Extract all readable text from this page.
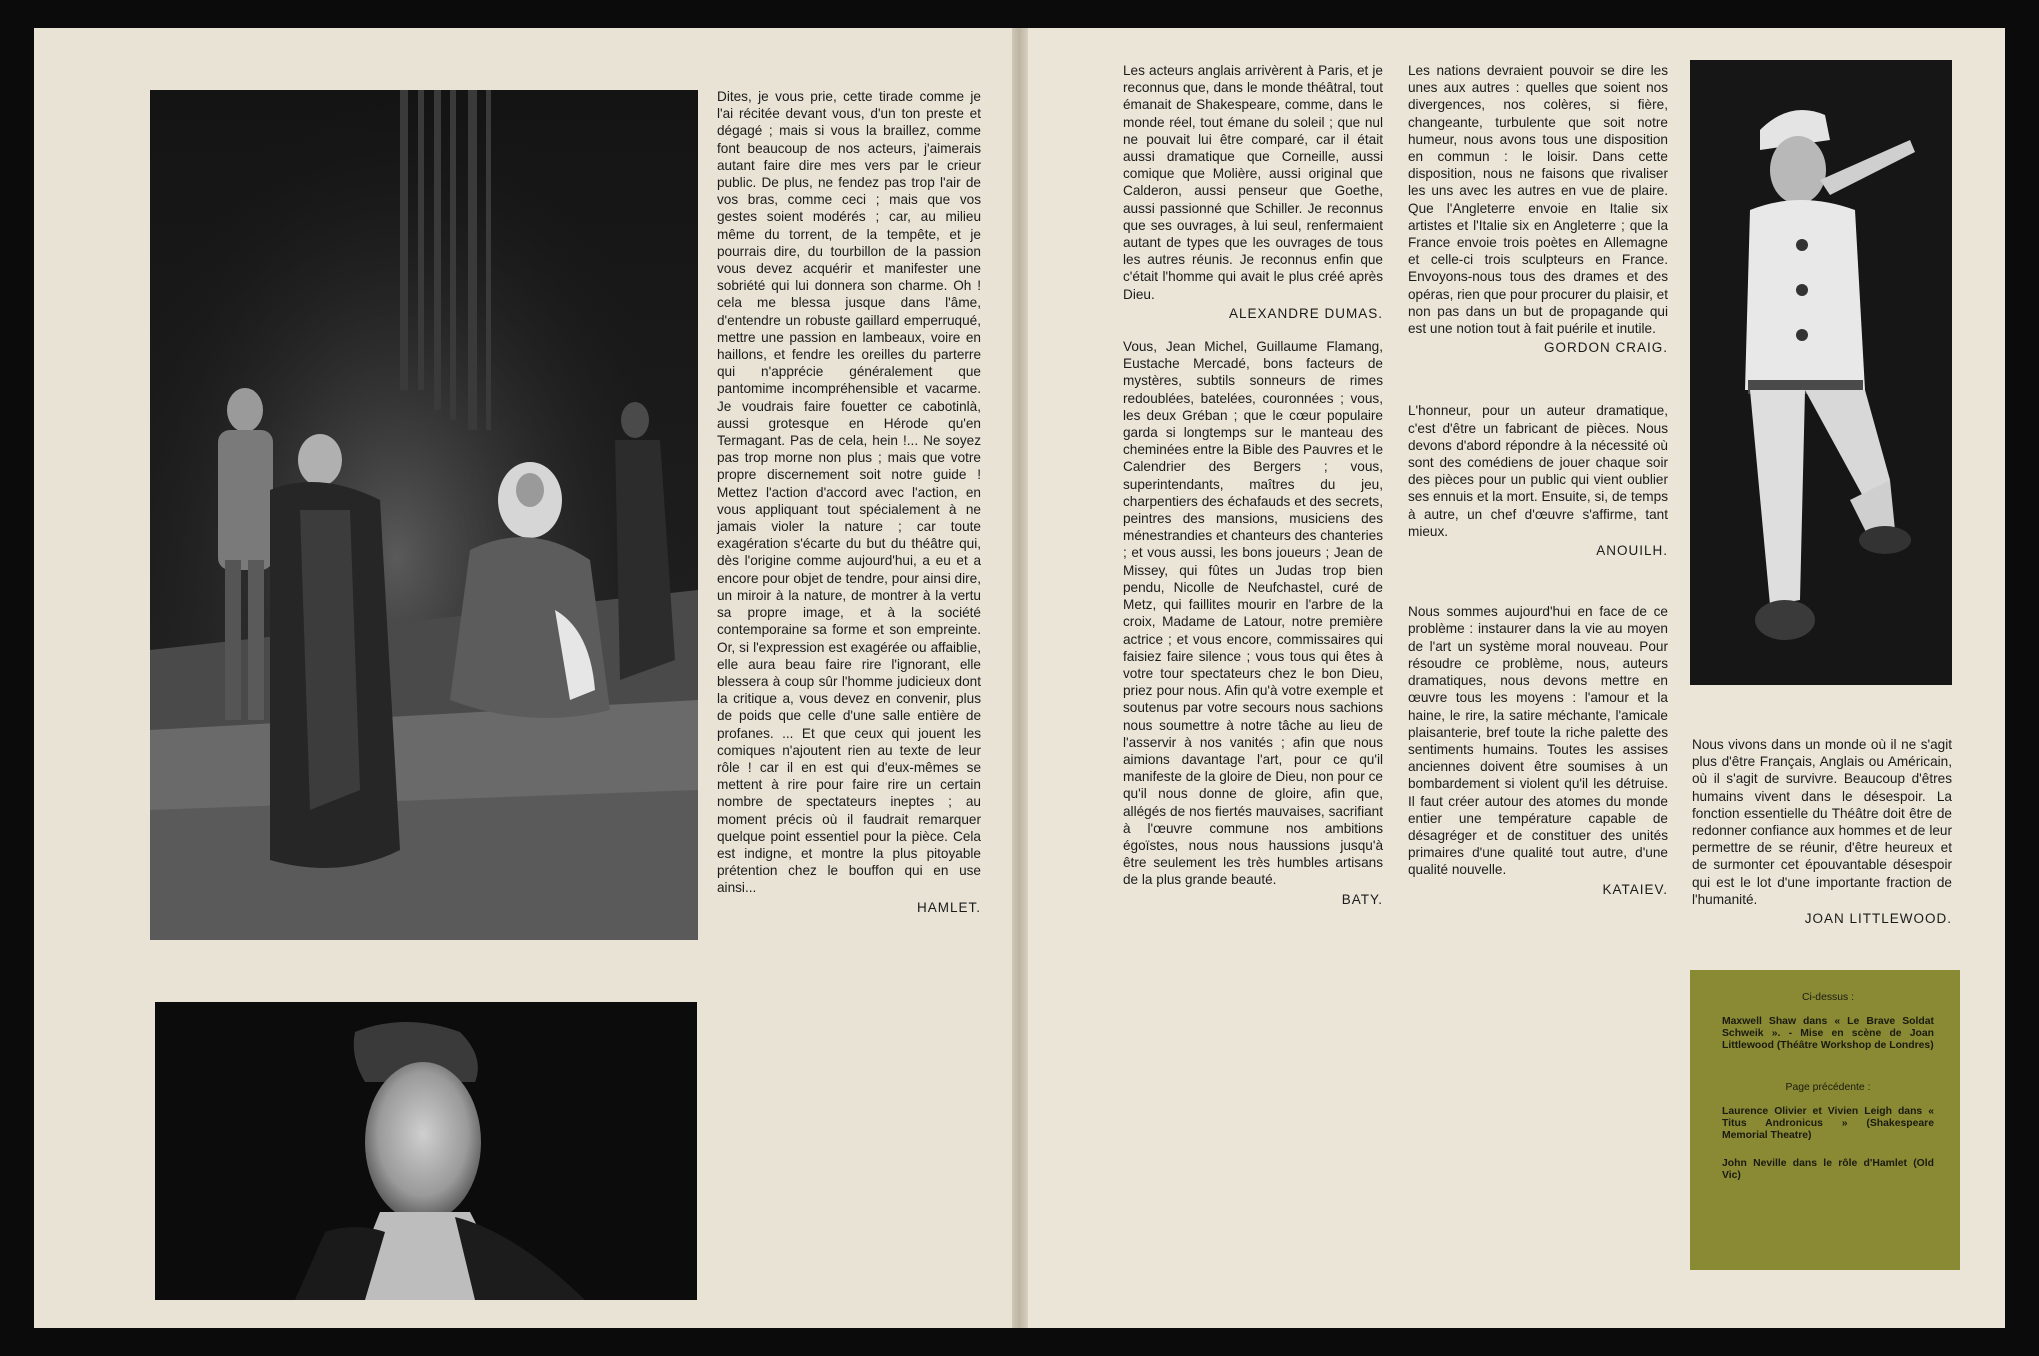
Dites, je vous prie, cette tirade comme je l'ai récitée devant vous, d'un ton preste et dégagé ; mais si vous la braillez, comme font beaucoup de nos acteurs, j'aimerais autant faire dire mes vers par le crieur public. De plus, ne fendez pas trop l'air de vos bras, comme ceci ; mais que vos gestes soient modérés ; car, au milieu même du torrent, de la tempête, et je pourrais dire, du tourbillon de la passion vous devez acquérir et manifester une sobriété qui lui donnera son charme. Oh ! cela me blessa jusque dans l'âme, d'entendre un robuste gaillard emperruqué, mettre une passion en lambeaux, voire en haillons, et fendre les oreilles du parterre qui n'apprécie généralement que pantomime incompréhensible et vacarme. Je voudrais faire fouetter ce cabotinlà, aussi grotesque en Hérode qu'en Termagant. Pas de cela, hein !... Ne soyez pas trop morne non plus ; mais que votre propre discernement soit notre guide ! Mettez l'action d'accord avec l'action, en vous appliquant tout spécialement à ne jamais violer la nature ; car toute exagération s'écarte du but du théâtre qui, dès l'origine comme aujourd'hui, a eu et a encore pour objet de tendre, pour ainsi dire, un miroir à la nature, de montrer à la vertu sa propre image, et à la société contemporaine sa forme et son empreinte. Or, si l'expression est exagérée ou affaiblie, elle aura beau faire rire l'ignorant, elle blessera à coup sûr l'homme judicieux dont la critique a, vous devez en convenir, plus de poids que celle d'une salle entière de profanes. ... Et que ceux qui jouent les comiques n'ajoutent rien au texte de leur rôle ! car il en est qui d'eux-mêmes se mettent à rire pour faire rire un certain nombre de spectateurs ineptes ; au moment précis où il faudrait remarquer quelque point essentiel pour la pièce. Cela est indigne, et montre la plus pitoyable prétention chez le bouffon qui en use ainsi...

HAMLET.

Les acteurs anglais arrivèrent à Paris, et je reconnus que, dans le monde théâtral, tout émanait de Shakespeare, comme, dans le monde réel, tout émane du soleil ; que nul ne pouvait lui être comparé, car il était aussi dramatique que Corneille, aussi comique que Molière, aussi original que Calderon, aussi penseur que Goethe, aussi passionné que Schiller. Je reconnus que ses ouvrages, à lui seul, renfermaient autant de types que les ouvrages de tous les autres réunis. Je reconnus enfin que c'était l'homme qui avait le plus créé après Dieu.

ALEXANDRE DUMAS.

Vous, Jean Michel, Guillaume Flamang, Eustache Mercadé, bons facteurs de mystères, subtils sonneurs de rimes redoublées, batelées, couronnées ; vous, les deux Gréban ; que le cœur populaire garda si longtemps sur le manteau des cheminées entre la Bible des Pauvres et le Calendrier des Bergers ; vous, superintendants, maîtres du jeu, charpentiers des échafauds et des secrets, peintres des mansions, musiciens des ménestrandies et chanteurs des chanteries ; et vous aussi, les bons joueurs ; Jean de Missey, qui fûtes un Judas trop bien pendu, Nicolle de Neufchastel, curé de Metz, qui faillites mourir en l'arbre de la croix, Madame de Latour, notre première actrice ; et vous encore, commissaires qui faisiez faire silence ; vous tous qui êtes à votre tour spectateurs chez le bon Dieu, priez pour nous. Afin qu'à votre exemple et soutenus par votre secours nous sachions nous soumettre à notre tâche au lieu de l'asservir à nos vanités ; afin que nous aimions davantage l'art, pour ce qu'il manifeste de la gloire de Dieu, non pour ce qu'il nous donne de gloire, afin que, allégés de nos fiertés mauvaises, sacrifiant à l'œuvre commune nos ambitions égoïstes, nous nous haussions jusqu'à être seulement les très humbles artisans de la plus grande beauté.

BATY.

Les nations devraient pouvoir se dire les unes aux autres : quelles que soient nos divergences, nos colères, si fière, changeante, turbulente que soit notre humeur, nous avons tous une disposition en commun : le loisir. Dans cette disposition, nous ne faisons que rivaliser les uns avec les autres en vue de plaire. Que l'Angleterre envoie en Italie six artistes et l'Italie six en Angleterre ; que la France envoie trois poètes en Allemagne et celle-ci trois sculpteurs en France. Envoyons-nous tous des drames et des opéras, rien que pour procurer du plaisir, et non pas dans un but de propagande qui est une notion tout à fait puérile et inutile.

GORDON CRAIG.

L'honneur, pour un auteur dramatique, c'est d'être un fabricant de pièces. Nous devons d'abord répondre à la nécessité où sont des comédiens de jouer chaque soir des pièces pour un public qui vient oublier ses ennuis et la mort. Ensuite, si, de temps à autre, un chef d'œuvre s'affirme, tant mieux.

ANOUILH.

Nous sommes aujourd'hui en face de ce problème : instaurer dans la vie au moyen de l'art un système moral nouveau. Pour résoudre ce problème, nous, auteurs dramatiques, nous devons mettre en œuvre tous les moyens : l'amour et la haine, le rire, la satire méchante, l'amicale plaisanterie, bref toute la riche palette des sentiments humains. Toutes les assises anciennes doivent être soumises à un bombardement si violent qu'il les détruise. Il faut créer autour des atomes du monde entier une température capable de désagréger et de constituer des unités primaires d'une qualité tout autre, d'une qualité nouvelle.

KATAIEV.

Nous vivons dans un monde où il ne s'agit plus d'être Français, Anglais ou Américain, où il s'agit de survivre. Beaucoup d'êtres humains vivent dans le désespoir. La fonction essentielle du Théâtre doit être de redonner confiance aux hommes et de leur permettre de se réunir, d'être heureux et de surmonter cet épouvantable désespoir qui est le lot d'une importante fraction de l'humanité.

JOAN LITTLEWOOD.
Ci-dessus :
Maxwell Shaw dans « Le Brave Soldat Schweik ». - Mise en scène de Joan Littlewood (Théâtre Workshop de Londres)
Page précédente :
Laurence Olivier et Vivien Leigh dans « Titus Andronicus » (Shakespeare Memorial Theatre)
John Neville dans le rôle d'Hamlet (Old Vic)
